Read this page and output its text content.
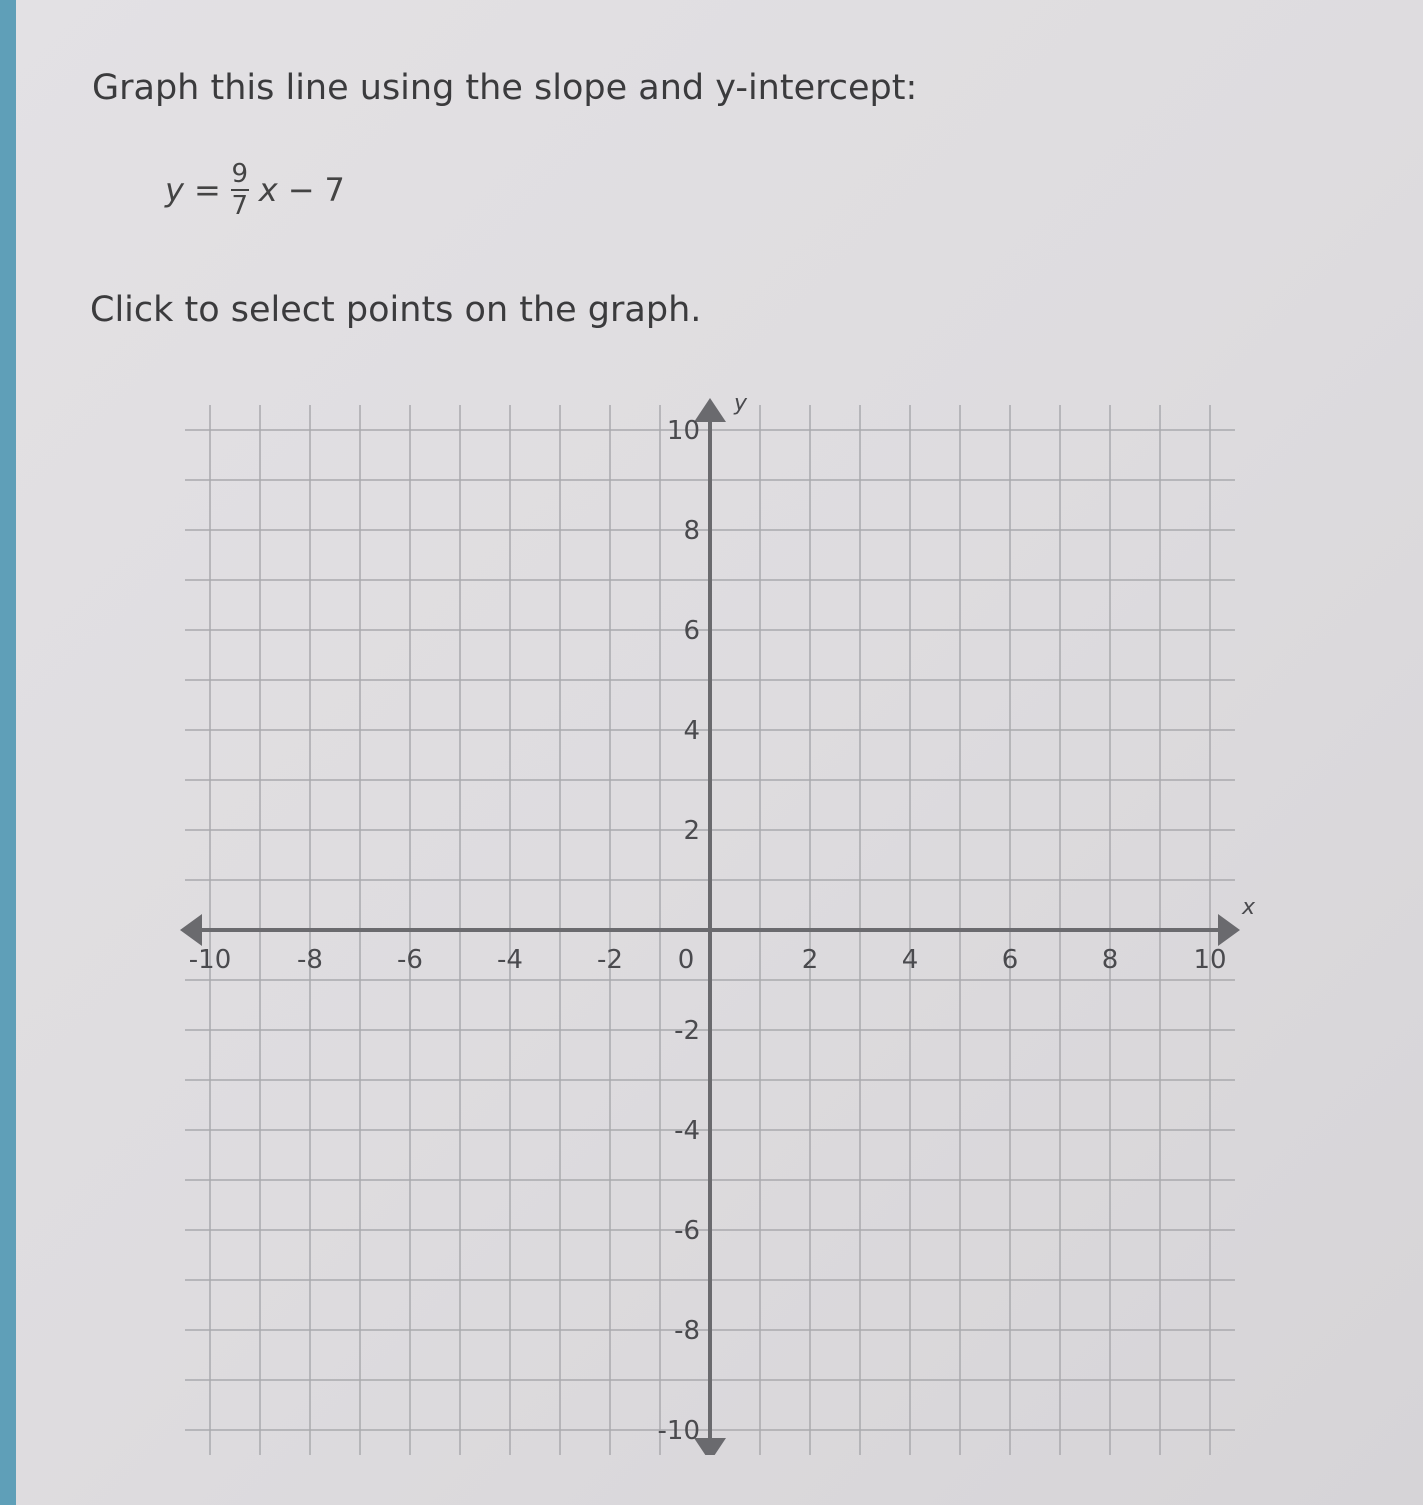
Graph this line using the slope and y-intercept:
$y = \frac{9}{7}$ x − 7
Click to select points on the graph.
x
y
-10	-8	-6	-4	-2 0	2	4	6	8	10
10
8
6
4
2
-2
-4
-6
-8
-10
